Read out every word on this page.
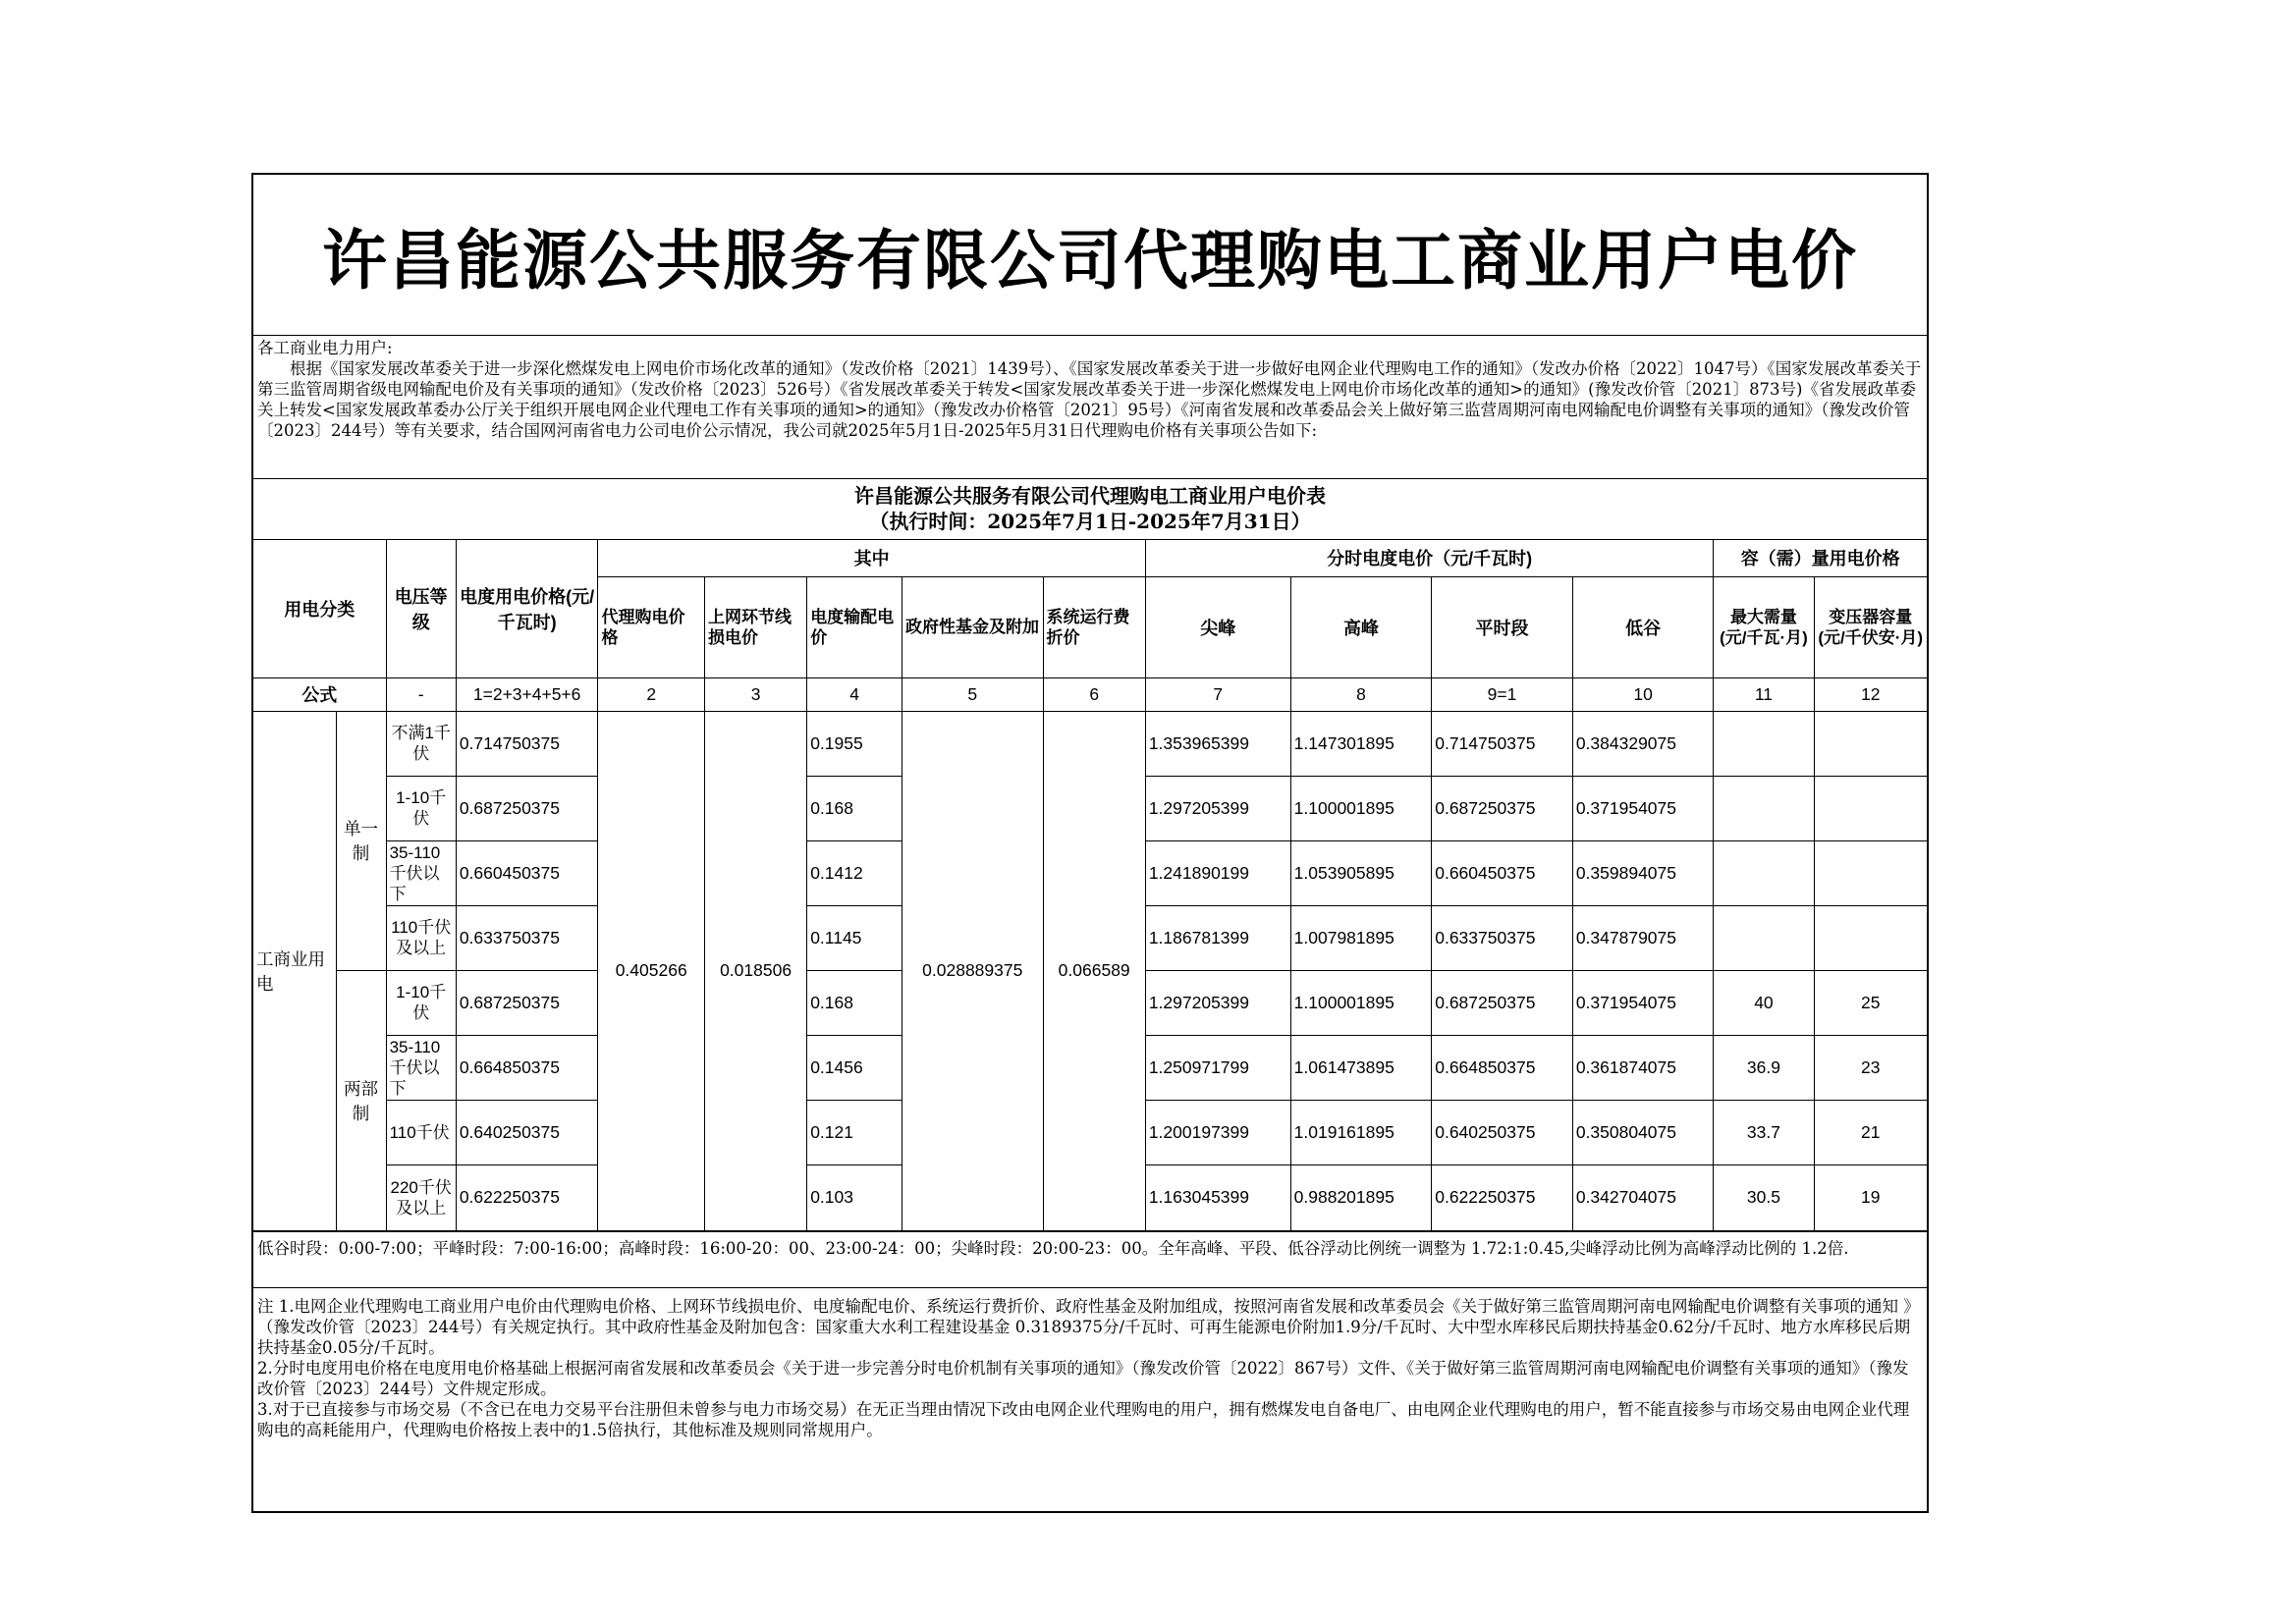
许昌能源公共服务有限公司代理购电工商业用户电价

各工商业电力用户:

根据《国家发展改革委关于进一步深化燃煤发电上网电价市场化改革的通知》（发改价格〔2021〕1439号）、《国家发展改革委关于进一步做好电网企业代理购电工作的通知》（发改办价格〔2022〕1047号）《国家发展改革委关于第三监管周期省级电网输配电价及有关事项的通知》（发改价格〔2023〕526号）《省发展改革委关于转发<国家发展改革委关于进一步深化燃煤发电上网电价市场化改革的通知>的通知》(豫发改价管〔2021〕873号)《省发展政革委关上转发<国家发展政革委办公厅关于组织开展电网企业代理电工作有关事项的通知>的通知》（豫发改办价格管〔2021〕95号）《河南省发展和改革委品会关上做好第三监营周期河南电网输配电价调整有关事项的通知》（豫发改价管〔2023〕244号）等有关要求，结合国网河南省电力公司电价公示情况，我公司就2025年5月1日-2025年5月31日代理购电价格有关事项公告如下:

许昌能源公共服务有限公司代理购电工商业用户电价表
（执行时间：2025年7月1日-2025年7月31日）
用电分类		电压等级	电度用电价格(元/千瓦时)	其中					分时电度电价（元/千瓦时)				容（需）量用电价格	
				代理购电价格	上网环节线损电价	电度输配电价	政府性基金及附加	系统运行费折价	尖峰	高峰	平时段	低谷	最大需量(元/千瓦·月)	变压器容量(元/千伏安·月)
公式		-	1=2+3+4+5+6	2	3	4	5	6	7	8	9=1	10	11	12
工商业用电	单一制	不满1千伏	0.714750375	0.405266	0.018506	0.1955	0.028889375	0.066589	1.353965399	1.147301895	0.714750375	0.384329075		
		1-10千伏	0.687250375			0.168			1.297205399	1.100001895	0.687250375	0.371954075		
		35-110千伏以下	0.660450375			0.1412			1.241890199	1.053905895	0.660450375	0.359894075		
		110千伏及以上	0.633750375			0.1145			1.186781399	1.007981895	0.633750375	0.347879075		
	两部制	1-10千伏	0.687250375			0.168			1.297205399	1.100001895	0.687250375	0.371954075	40	25
		35-110千伏以下	0.664850375			0.1456			1.250971799	1.061473895	0.664850375	0.361874075	36.9	23
		110千伏	0.640250375			0.121			1.200197399	1.019161895	0.640250375	0.350804075	33.7	21
		220千伏及以上	0.622250375			0.103			1.163045399	0.988201895	0.622250375	0.342704075	30.5	19
低谷时段：0:00-7:00；平峰时段：7:00-16:00；高峰时段：16:00-20：00、23:00-24：00；尖峰时段：20:00-23：00。全年高峰、平段、低谷浮动比例统一调整为 1.72:1:0.45,尖峰浮动比例为高峰浮动比例的 1.2倍.

注 1.电网企业代理购电工商业用户电价由代理购电价格、上网环节线损电价、电度输配电价、系统运行费折价、政府性基金及附加组成，按照河南省发展和改革委员会《关于做好第三监管周期河南电网输配电价调整有关事项的通知 》（豫发改价管〔2023〕244号）有关规定执行。其中政府性基金及附加包含：国家重大水利工程建设基金 0.3189375分/千瓦时、可再生能源电价附加1.9分/千瓦时、大中型水库移民后期扶持基金0.62分/千瓦时、地方水库移民后期扶持基金0.05分/千瓦时。

2.分时电度用电价格在电度用电价格基础上根据河南省发展和改革委员会《关于进一步完善分时电价机制有关事项的通知》（豫发改价管〔2022〕867号）文件、《关于做好第三监管周期河南电网输配电价调整有关事项的通知》（豫发改价管〔2023〕244号）文件规定形成。

3.对于已直接参与市场交易（不含已在电力交易平台注册但未曾参与电力市场交易）在无正当理由情况下改由电网企业代理购电的用户，拥有燃煤发电自备电厂、由电网企业代理购电的用户，暂不能直接参与市场交易由电网企业代理购电的高耗能用户，代理购电价格按上表中的1.5倍执行，其他标准及规则同常规用户。
